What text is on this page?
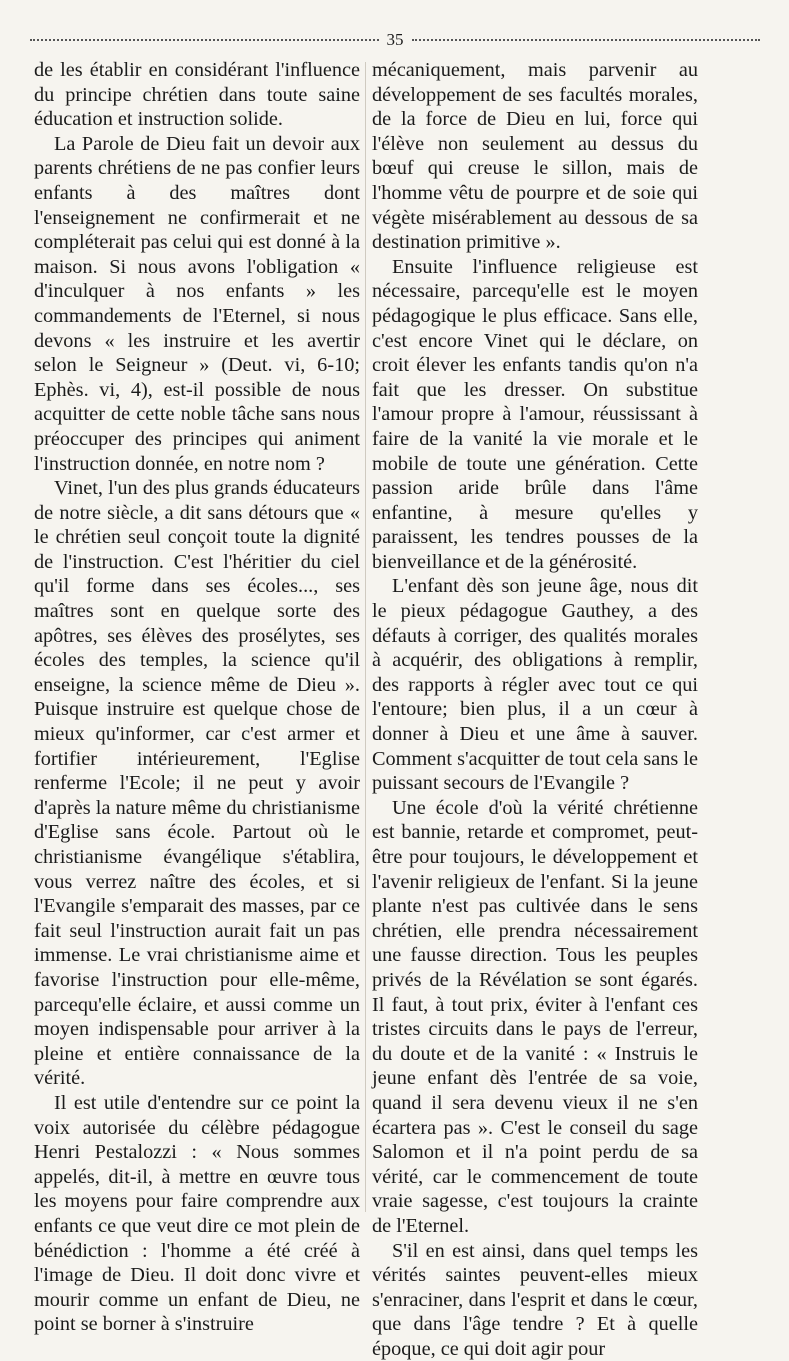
35

de les établir en considérant l'influence du principe chrétien dans toute saine éducation et instruction solide.

La Parole de Dieu fait un devoir aux parents chrétiens de ne pas confier leurs enfants à des maîtres dont l'enseignement ne confirmerait et ne compléterait pas celui qui est donné à la maison. Si nous avons l'obligation « d'inculquer à nos enfants » les commandements de l'Eternel, si nous devons « les instruire et les avertir selon le Seigneur » (Deut. vi, 6-10; Ephès. vi, 4), est-il possible de nous acquitter de cette noble tâche sans nous préoccuper des principes qui animent l'instruction donnée, en notre nom ?

Vinet, l'un des plus grands éducateurs de notre siècle, a dit sans détours que « le chrétien seul conçoit toute la dignité de l'instruction. C'est l'héritier du ciel qu'il forme dans ses écoles..., ses maîtres sont en quelque sorte des apôtres, ses élèves des prosélytes, ses écoles des temples, la science qu'il enseigne, la science même de Dieu ». Puisque instruire est quelque chose de mieux qu'informer, car c'est armer et fortifier intérieurement, l'Eglise renferme l'Ecole; il ne peut y avoir d'après la nature même du christianisme d'Eglise sans école. Partout où le christianisme évangélique s'établira, vous verrez naître des écoles, et si l'Evangile s'emparait des masses, par ce fait seul l'instruction aurait fait un pas immense. Le vrai christianisme aime et favorise l'instruction pour elle-même, parcequ'elle éclaire, et aussi comme un moyen indispensable pour arriver à la pleine et entière connaissance de la vérité.

Il est utile d'entendre sur ce point la voix autorisée du célèbre pédagogue Henri Pestalozzi : « Nous sommes appelés, dit-il, à mettre en œuvre tous les moyens pour faire comprendre aux enfants ce que veut dire ce mot plein de bénédiction : l'homme a été créé à l'image de Dieu. Il doit donc vivre et mourir comme un enfant de Dieu, ne point se borner à s'instruire

mécaniquement, mais parvenir au développement de ses facultés morales, de la force de Dieu en lui, force qui l'élève non seulement au dessus du bœuf qui creuse le sillon, mais de l'homme vêtu de pourpre et de soie qui végète misérablement au dessous de sa destination primitive ».

Ensuite l'influence religieuse est nécessaire, parcequ'elle est le moyen pédagogique le plus efficace. Sans elle, c'est encore Vinet qui le déclare, on croit élever les enfants tandis qu'on n'a fait que les dresser. On substitue l'amour propre à l'amour, réussissant à faire de la vanité la vie morale et le mobile de toute une génération. Cette passion aride brûle dans l'âme enfantine, à mesure qu'elles y paraissent, les tendres pousses de la bienveillance et de la générosité.

L'enfant dès son jeune âge, nous dit le pieux pédagogue Gauthey, a des défauts à corriger, des qualités morales à acquérir, des obligations à remplir, des rapports à régler avec tout ce qui l'entoure; bien plus, il a un cœur à donner à Dieu et une âme à sauver. Comment s'acquitter de tout cela sans le puissant secours de l'Evangile ?

Une école d'où la vérité chrétienne est bannie, retarde et compromet, peut-être pour toujours, le développement et l'avenir religieux de l'enfant. Si la jeune plante n'est pas cultivée dans le sens chrétien, elle prendra nécessairement une fausse direction. Tous les peuples privés de la Révélation se sont égarés. Il faut, à tout prix, éviter à l'enfant ces tristes circuits dans le pays de l'erreur, du doute et de la vanité : « Instruis le jeune enfant dès l'entrée de sa voie, quand il sera devenu vieux il ne s'en écartera pas ». C'est le conseil du sage Salomon et il n'a point perdu de sa vérité, car le commencement de toute vraie sagesse, c'est toujours la crainte de l'Eternel.

S'il en est ainsi, dans quel temps les vérités saintes peuvent-elles mieux s'enraciner, dans l'esprit et dans le cœur, que dans l'âge tendre ? Et à quelle époque, ce qui doit agir pour
